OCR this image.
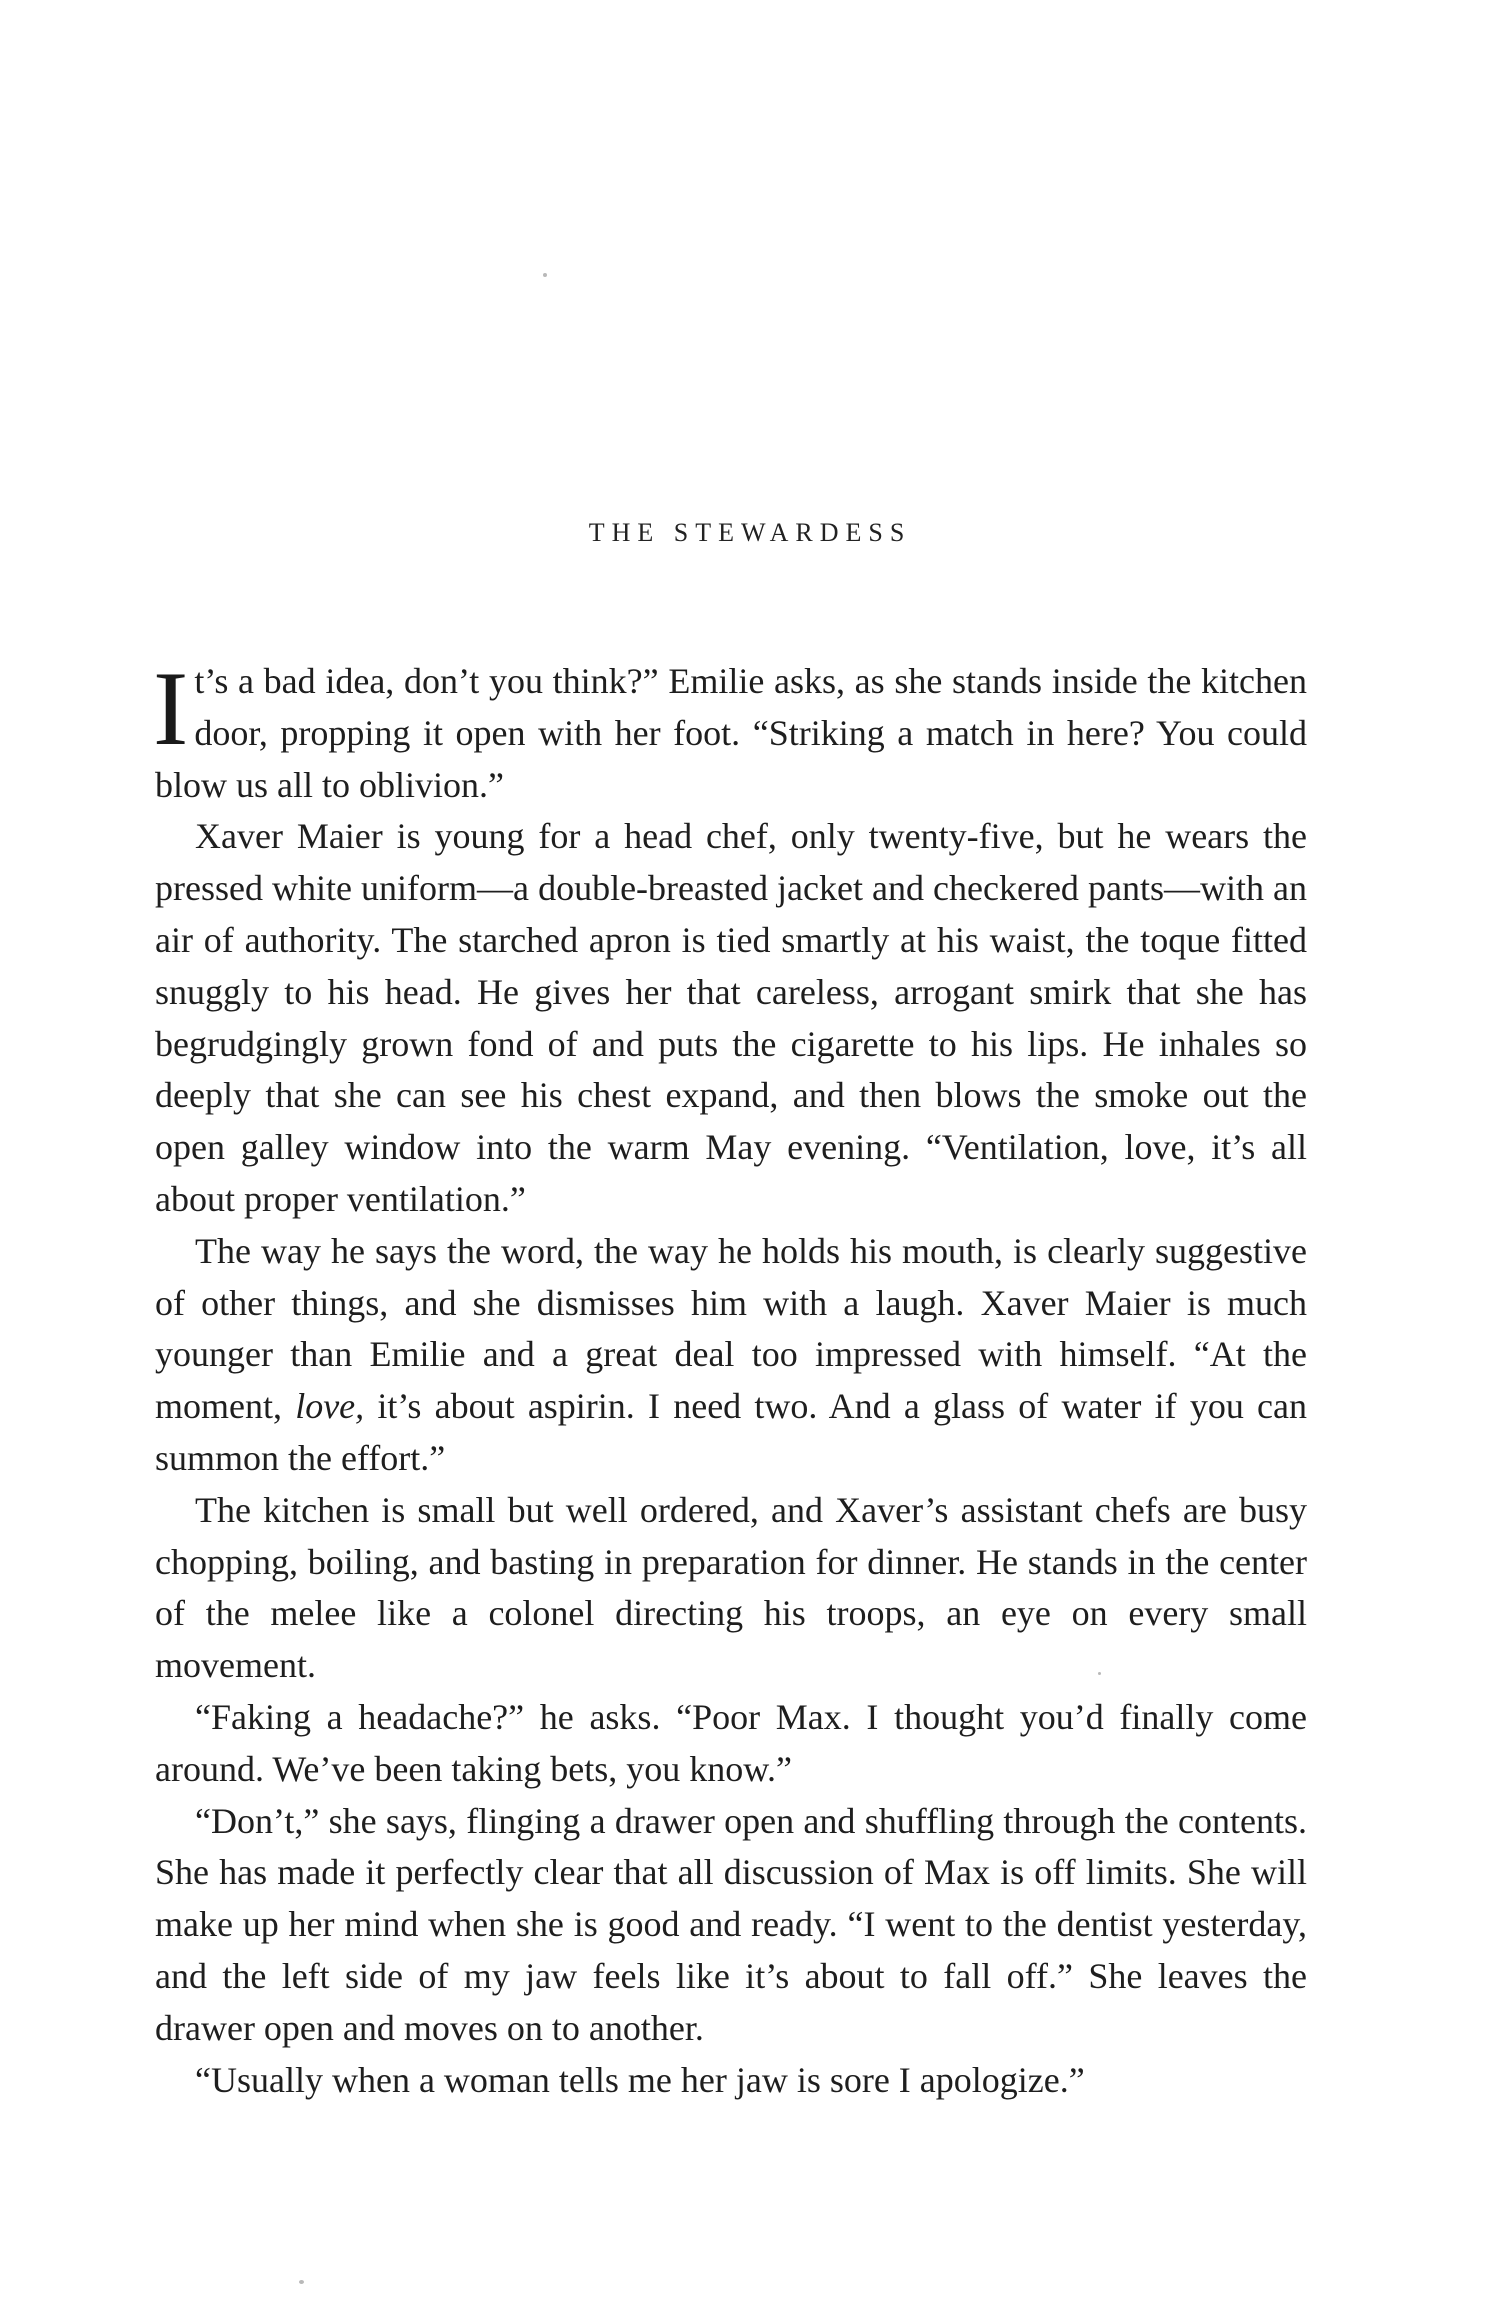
THE STEWARDESS

It’s a bad idea, don’t you think?” Emilie asks, as she stands inside the kitchen door, propping it open with her foot. “Striking a match in here? You could blow us all to oblivion.”

Xaver Maier is young for a head chef, only twenty-five, but he wears the pressed white uniform—a double-breasted jacket and checkered pants—with an air of authority. The starched apron is tied smartly at his waist, the toque fitted snuggly to his head. He gives her that careless, arrogant smirk that she has begrudgingly grown fond of and puts the cigarette to his lips. He inhales so deeply that she can see his chest expand, and then blows the smoke out the open galley window into the warm May evening. “Ventilation, love, it’s all about proper ventilation.”

The way he says the word, the way he holds his mouth, is clearly suggestive of other things, and she dismisses him with a laugh. Xaver Maier is much younger than Emilie and a great deal too impressed with himself. “At the moment, love, it’s about aspirin. I need two. And a glass of water if you can summon the effort.”

The kitchen is small but well ordered, and Xaver’s assistant chefs are busy chopping, boiling, and basting in preparation for dinner. He stands in the center of the melee like a colonel directing his troops, an eye on every small movement.

“Faking a headache?” he asks. “Poor Max. I thought you’d finally come around. We’ve been taking bets, you know.”

“Don’t,” she says, flinging a drawer open and shuffling through the contents. She has made it perfectly clear that all discussion of Max is off limits. She will make up her mind when she is good and ready. “I went to the dentist yesterday, and the left side of my jaw feels like it’s about to fall off.” She leaves the drawer open and moves on to another.

“Usually when a woman tells me her jaw is sore I apologize.”
